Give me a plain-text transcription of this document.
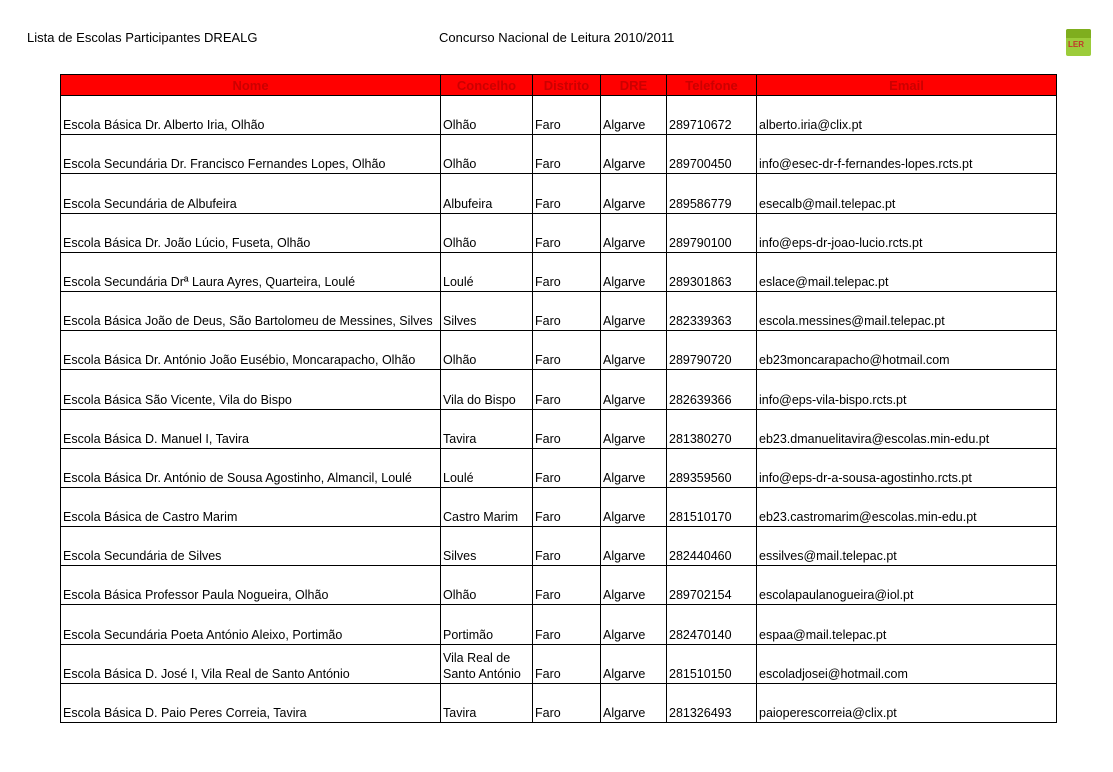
Lista de Escolas Participantes DREALG	Concurso Nacional de Leitura 2010/2011	LER
Nome	Concelho	Distrito	DRE	Telefone	Email
Escola Básica Dr. Alberto Iria, Olhão	Olhão	Faro	Algarve	289710672	alberto.iria@clix.pt
Escola Secundária Dr. Francisco Fernandes Lopes, Olhão	Olhão	Faro	Algarve	289700450	info@esec-dr-f-fernandes-lopes.rcts.pt
Escola Secundária de Albufeira	Albufeira	Faro	Algarve	289586779	esecalb@mail.telepac.pt
Escola Básica Dr. João Lúcio, Fuseta, Olhão	Olhão	Faro	Algarve	289790100	info@eps-dr-joao-lucio.rcts.pt
Escola Secundária Drª Laura Ayres, Quarteira, Loulé	Loulé	Faro	Algarve	289301863	eslace@mail.telepac.pt
Escola Básica João de Deus, São Bartolomeu de Messines, Silves	Silves	Faro	Algarve	282339363	escola.messines@mail.telepac.pt
Escola Básica Dr. António João Eusébio, Moncarapacho, Olhão	Olhão	Faro	Algarve	289790720	eb23moncarapacho@hotmail.com
Escola Básica São Vicente, Vila do Bispo	Vila do Bispo	Faro	Algarve	282639366	info@eps-vila-bispo.rcts.pt
Escola Básica D. Manuel I, Tavira	Tavira	Faro	Algarve	281380270	eb23.dmanuelitavira@escolas.min-edu.pt
Escola Básica Dr. António de Sousa Agostinho, Almancil, Loulé	Loulé	Faro	Algarve	289359560	info@eps-dr-a-sousa-agostinho.rcts.pt
Escola Básica de Castro Marim	Castro Marim	Faro	Algarve	281510170	eb23.castromarim@escolas.min-edu.pt
Escola Secundária de Silves	Silves	Faro	Algarve	282440460	essilves@mail.telepac.pt
Escola Básica Professor Paula Nogueira, Olhão	Olhão	Faro	Algarve	289702154	escolapaulanogueira@iol.pt
Escola Secundária Poeta António Aleixo, Portimão	Portimão	Faro	Algarve	282470140	espaa@mail.telepac.pt
Escola Básica D. José I, Vila Real de Santo António	Vila Real de Santo António	Faro	Algarve	281510150	escoladjosei@hotmail.com
Escola Básica D. Paio Peres Correia, Tavira	Tavira	Faro	Algarve	281326493	paioperescorreia@clix.pt
